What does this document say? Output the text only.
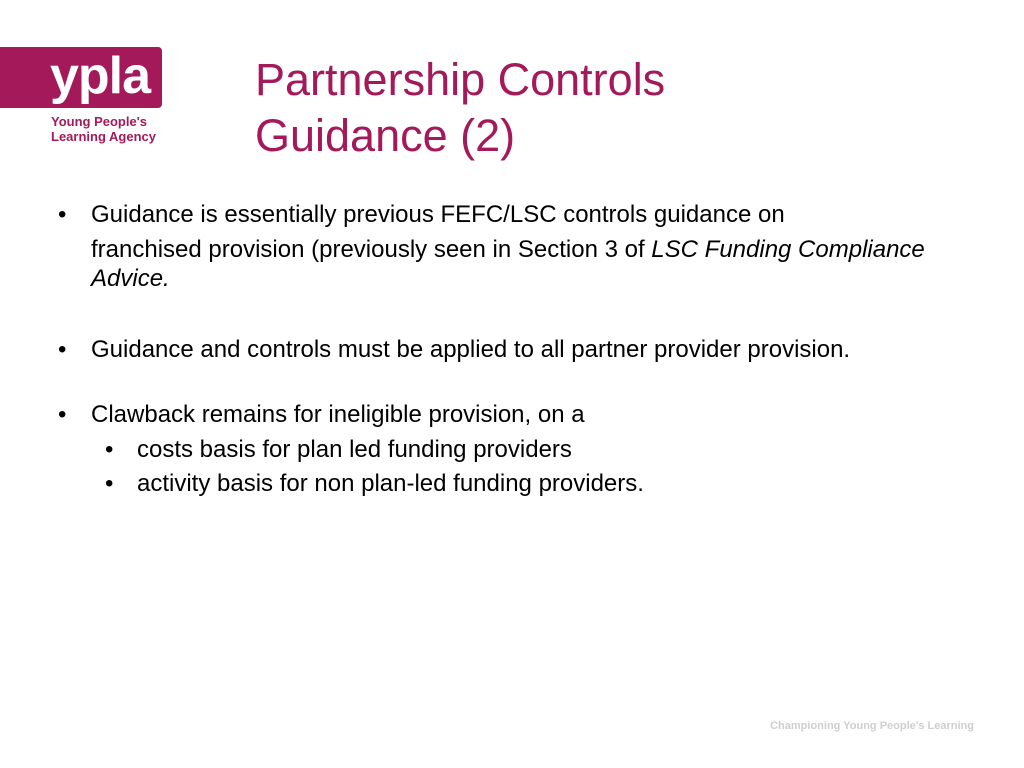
ypla
Young People's
Learning Agency
Partnership Controls
Guidance (2)
• Guidance is essentially previous FEFC/LSC controls guidance on
franchised provision (previously seen in Section 3 of LSC Funding Compliance Advice.
• Guidance and controls must be applied to all partner provider provision.
• Clawback remains for ineligible provision, on a
• costs basis for plan led funding providers
• activity basis for non plan-led funding providers.
Championing Young People's Learning
